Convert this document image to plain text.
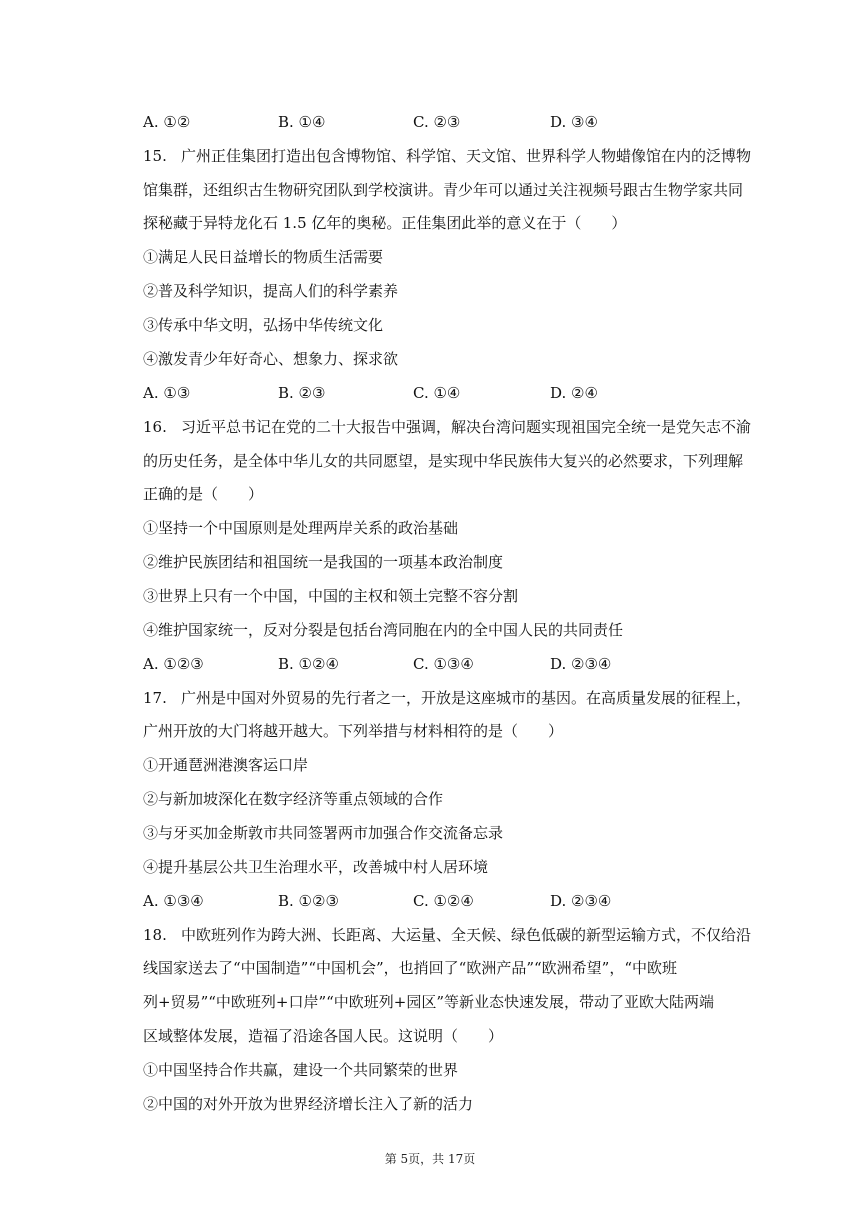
A. ①②	B. ①④	C. ②③	D. ③④
15. 广州正佳集团打造出包含博物馆、科学馆、天文馆、世界科学人物蜡像馆在内的泛博物
馆集群，还组织古生物研究团队到学校演讲。青少年可以通过关注视频号跟古生物学家共同
探秘藏于异特龙化石 1.5 亿年的奥秘。正佳集团此举的意义在于（　　）
①满足人民日益增长的物质生活需要
②普及科学知识，提高人们的科学素养
③传承中华文明，弘扬中华传统文化
④激发青少年好奇心、想象力、探求欲
A. ①③	B. ②③	C. ①④	D. ②④
16. 习近平总书记在党的二十大报告中强调，解决台湾问题实现祖国完全统一是党矢志不渝
的历史任务，是全体中华儿女的共同愿望，是实现中华民族伟大复兴的必然要求，下列理解
正确的是（　　）
①坚持一个中国原则是处理两岸关系的政治基础
②维护民族团结和祖国统一是我国的一项基本政治制度
③世界上只有一个中国，中国的主权和领土完整不容分割
④维护国家统一，反对分裂是包括台湾同胞在内的全中国人民的共同责任
A. ①②③	B. ①②④	C. ①③④	D. ②③④
17. 广州是中国对外贸易的先行者之一，开放是这座城市的基因。在高质量发展的征程上，
广州开放的大门将越开越大。下列举措与材料相符的是（　　）
①开通琶洲港澳客运口岸
②与新加坡深化在数字经济等重点领域的合作
③与牙买加金斯敦市共同签署两市加强合作交流备忘录
④提升基层公共卫生治理水平，改善城中村人居环境
A. ①③④	B. ①②③	C. ①②④	D. ②③④
18. 中欧班列作为跨大洲、长距离、大运量、全天候、绿色低碳的新型运输方式，不仅给沿
线国家送去了“中国制造”“中国机会”，也捎回了“欧洲产品”“欧洲希望”，“中欧班
列+贸易”“中欧班列+口岸”“中欧班列+园区”等新业态快速发展，带动了亚欧大陆两端
区域整体发展，造福了沿途各国人民。这说明（　　）
①中国坚持合作共赢，建设一个共同繁荣的世界
②中国的对外开放为世界经济增长注入了新的活力
第 5页，共 17页
